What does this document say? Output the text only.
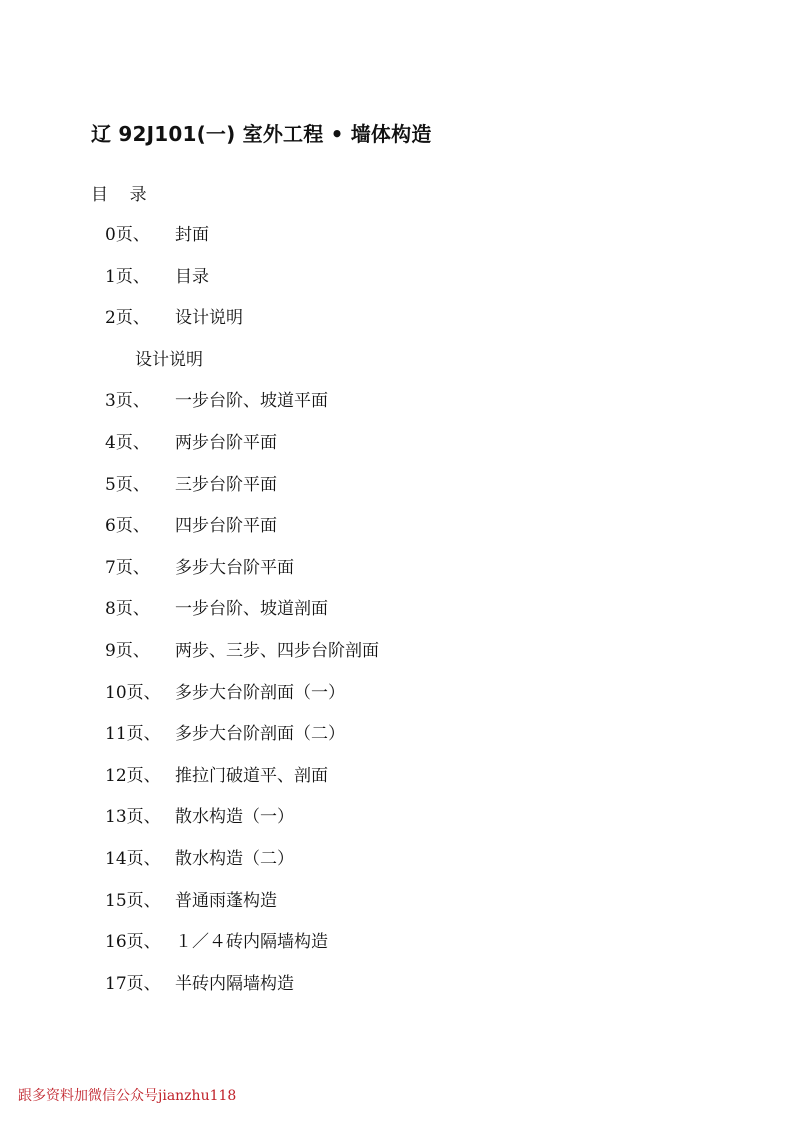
辽 92J101(一) 室外工程 • 墙体构造
目    录
0页、 封面
1页、 目录
2页、 设计说明
设计说明
3页、 一步台阶、坡道平面
4页、 两步台阶平面
5页、 三步台阶平面
6页、 四步台阶平面
7页、 多步大台阶平面
8页、 一步台阶、坡道剖面
9页、 两步、三步、四步台阶剖面
10页、 多步大台阶剖面（一）
11页、 多步大台阶剖面（二）
12页、 推拉门破道平、剖面
13页、 散水构造（一）
14页、 散水构造（二）
15页、 普通雨蓬构造
16页、 １／４砖内隔墙构造
17页、 半砖内隔墙构造
跟多资料加微信公众号jianzhu118
